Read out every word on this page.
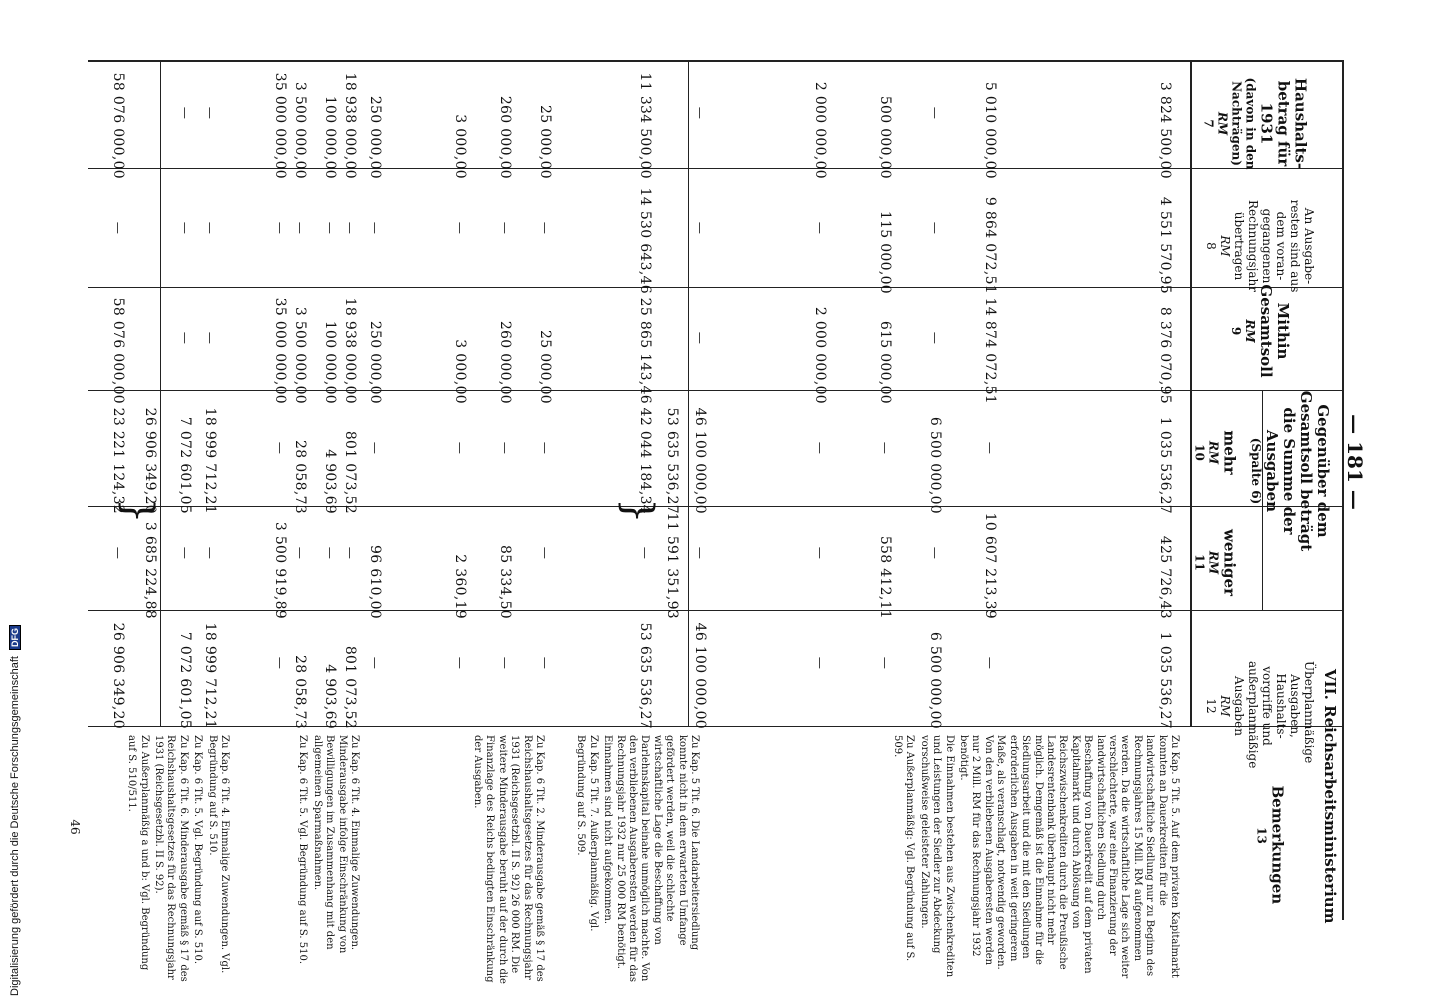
VII. Reichsarbeitsministerium
— 181 —
46
Digitalisierung gefördert durch die Deutsche Forschungsgemeinschaft DFG
Haushalts-betrag für 1931
(davon in den Nachträgen)
RM
7
An Ausgabe-resten sind aus dem voran-gegangenen Rechnungsjahr übertragen
RM
8
Mithin Gesamtsoll
RM
9
Gegenüber dem Gesamtsoll beträgt die Summe der Ausgaben
(Spalte 6)
mehr
RM
10
weniger
RM
11
Überplanmäßige Ausgaben, Haushalts-vorgriffe und außerplanmäßige Ausgaben
RM
12
Bemerkungen
13
3 824 500,00
4 551 570,95
8 376 070,95
1 035 536,27
425 726,43
1 035 536,27
5 010 000,00
9 864 072,51
14 874 072,51
—
10 607 213,39
—
—
—
—
6 500 000,00
—
6 500 000,00
500 000,00
115 000,00
615 000,00
—
558 412,11
—
2 000 000,00
—
2 000 000,00
—
—
—
—
—
—
46 100 000,00
—
46 100 000,00
53 635 536,27
11 591 351,93
11 334 500,00
14 530 643,46
25 865 143,46
42 044 184,34
—
53 635 536,27
25 000,00
—
25 000,00
—
—
—
260 000,00
—
260 000,00
—
85 334,50
—
3 000,00
—
3 000,00
—
2 360,19
—
250 000,00
—
250 000,00
—
96 610,00
—
18 938 000,00
—
18 938 000,00
801 073,52
—
801 073,52
100 000,00
—
100 000,00
4 903,69
—
4 903,69
3 500 000,00
—
3 500 000,00
28 058,73
—
28 058,73
35 000 000,00
—
35 000 000,00
—
3 500 919,89
—
—
—
—
18 999 712,21
—
18 999 712,21
—
—
—
7 072 601,05
—
7 072 601,05
26 906 349,20
3 685 224,88
58 076 000,00
—
58 076 000,00
23 221 124,32
—
26 906 349,20
}
}

Zu Kap. 5 Tit. 5. Auf dem privaten Kapitalmarkt konnten an Dauerkrediten für die landwirtschaftliche Siedlung nur zu Beginn des Rechnungsjahres 15 Mill. RM aufgenommen werden. Da die wirtschaftliche Lage sich weiter verschlechterte, war eine Finanzierung der landwirtschaftlichen Siedlung durch Beschaffung von Dauerkredit auf dem privaten Kapitalmarkt und durch Ablösung von Reichszwischenkrediten durch die Preußische Landesrentenbank überhaupt nicht mehr möglich. Demgemäß ist die Einnahme für die Siedlungsarbeit und die mit den Siedlungen erforderlichen Ausgaben in weit geringerem Maße, als veranschlagt, notwendig geworden. Von den verbliebenen Ausgaberesten werden nur 2 Mill. RM für das Rechnungsjahr 1932 benötigt.

Die Einnahmen bestehen aus Zwischenkrediten und Leistungen der Siedler zur Abdeckung vorschußweise geleisteter Zahlungen.

Zu Außerplanmäßig: Vgl. Begründung auf S. 509.

Zu Kap. 5 Tit. 6. Die Landarbeitersiedlung konnte nicht in dem erwarteten Umfange gefördert werden, weil die schlechte wirtschaftliche Lage die Beschaffung von Darlehnskapital beinahe unmöglich machte. Von den verbliebenen Ausgaberesten werden für das Rechnungsjahr 1932 nur 25 000 RM benötigt. Einnahmen sind nicht aufgekommen.

Zu Kap. 5 Tit. 7. Außerplanmäßig. Vgl. Begründung auf S. 509.

Zu Kap. 6 Tit. 2. Minderausgabe gemäß § 17 des Reichshaushaltsgesetzes für das Rechnungsjahr 1931 (Reichsgesetzbl. II S. 92) 26 000 RM. Die weitere Minderausgabe beruht auf der durch die Finanzlage des Reichs bedingten Einschränkung der Ausgaben.

Zu Kap. 6 Tit. 4. Einmalige Zuwendungen. Minderausgabe infolge Einschränkung von Bewilligungen im Zusammenhang mit den allgemeinen Sparmaßnahmen.

Zu Kap. 6 Tit. 5. Vgl. Begründung auf S. 510.

Zu Kap. 6 Tit. 4. Einmalige Zuwendungen. Vgl. Begründung auf S. 510.

Zu Kap. 6 Tit. 5. Vgl. Begründung auf S. 510.

Zu Kap. 6 Tit. 6. Minderausgabe gemäß § 17 des Reichshaushaltsgesetzes für das Rechnungsjahr 1931 (Reichsgesetzbl. II S. 92).

Zu Außerplanmäßig a und b: Vgl. Begründung auf S. 510/511.
